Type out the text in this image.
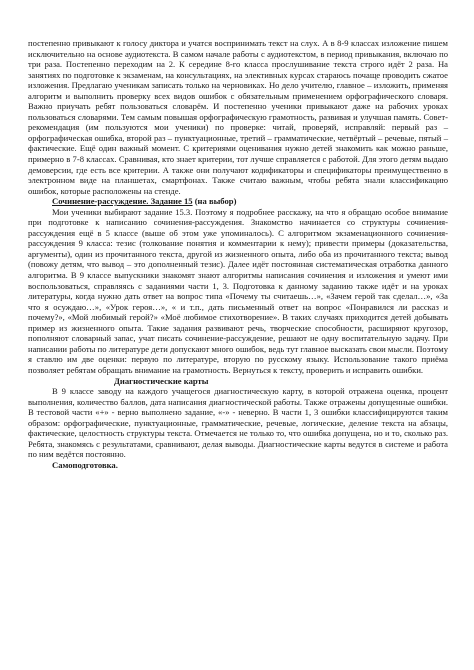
постепенно привыкают к голосу диктора и учатся воспринимать текст на слух. А в 8-9 классах изложение пишем исключительно на основе аудиотекста. В самом начале работы с аудиотекстом, в период привыкания, включаю по три раза. Постепенно переходим на 2. К середине 8-го класса прослушивание текста строго идёт 2 раза. На занятиях по подготовке к экзаменам, на консультациях, на элективных курсах стараюсь почаще проводить сжатое изложения. Предлагаю ученикам записать только на черновиках. Но дело учителю, главное – изложить, применяя алгоритм и выполнить проверку всех видов ошибок с обязательным применением орфографического словаря. Важно приучать ребят пользоваться словарём. И постепенно ученики привыкают даже на рабочих уроках пользоваться словарями. Тем самым повышая орфографическую грамотность, развивая и улучшая память. Совет-рекомендация (им пользуются мои ученики) по проверке: читай, проверяй, исправляй: первый раз – орфографическая ошибка, второй раз – пунктуационные, третий – грамматические, четвёртый – речевые, пятый – фактические. Ещё один важный момент. С критериями оценивания нужно детей знакомить как можно раньше, примерно в 7-8 классах. Сравнивая, кто знает критерии, тот лучше справляется с работой. Для этого детям выдаю демоверсии, где есть все критерии. А также они получают кодификаторы и спецификаторы преимущественно в электронном виде на планшетах, смартфонах. Также считаю важным, чтобы ребята знали классификацию ошибок, которые расположены на стенде.

Сочинение-рассуждение. Задание 15 (на выбор)

Мои ученики выбирают задание 15.3. Поэтому я подробнее расскажу, на что я обращаю особое внимание при подготовке к написанию сочинения-рассуждения. Знакомство начинается со структуры сочинения-рассуждения ещё в 5 классе (выше об этом уже упоминалось). С алгоритмом экзаменационного сочинения-рассуждения 9 класса: тезис (толкование понятия и комментарии к нему); привести примеры (доказательства, аргументы), один из прочитанного текста, другой из жизненного опыта, либо оба из прочитанного текста; вывод (повожу детям, что вывод – это дополненный тезис). Далее идёт постоянная систематическая отработка данного алгоритма. В 9 классе выпускники знакомят знают алгоритмы написания сочинения и изложения и умеют ими воспользоваться, справляясь с заданиями части 1, 3. Подготовка к данному заданию также идёт и на уроках литературы, когда нужно дать ответ на вопрос типа «Почему ты считаешь…», «Зачем герой так сделал…», «За что я осуждаю…», «Урок героя…», « и т.п., дать письменный ответ на вопрос «Понравился ли рассказ и почему?», «Мой любимый герой?» «Моё любимое стихотворение». В таких случаях приходится детей добывать пример из жизненного опыта. Такие задания развивают речь, творческие способности, расширяют кругозор, пополняют словарный запас, учат писать сочинение-рассуждение, решают не одну воспитательную задачу. При написании работы по литературе дети допускают много ошибок, ведь тут главное высказать свои мысли. Поэтому я ставлю им две оценки: первую по литературе, вторую по русскому языку. Использование такого приёма позволяет ребятам обращать внимание на грамотность. Вернуться к тексту, проверить и исправить ошибки.

Диагностические карты

В 9 классе заводу на каждого учащегося диагностическую карту, в которой отражена оценка, процент выполнения, количество баллов, дата написания диагностической работы. Также отражены допущенные ошибки. В тестовой части «+» - верно выполнено задание, «-» - неверно. В части 1, 3 ошибки классифицируются таким образом: орфографические, пунктуационные, грамматические, речевые, логические, деление текста на абзацы, фактические, целостность структуры текста. Отмечается не только то, что ошибка допущена, но и то, сколько раз. Ребята, знакомясь с результатами, сравнивают, делая выводы. Диагностические карты ведутся в системе и работа по ним ведётся постоянно.

Самоподготовка.
